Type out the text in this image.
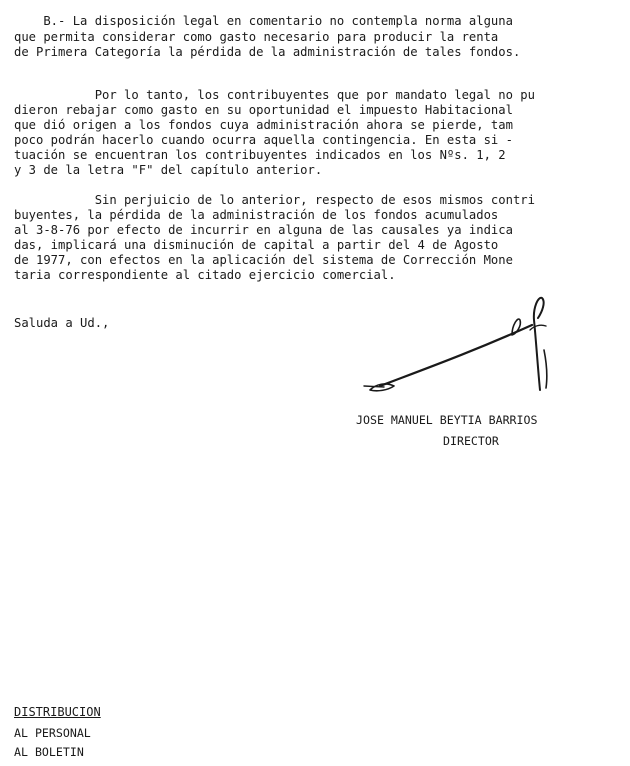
B.- La disposición legal en comentario no contempla norma alguna
que permita considerar como gasto necesario para producir la renta
de Primera Categoría la pérdida de la administración de tales fondos.
Por lo tanto, los contribuyentes que por mandato legal no pu
dieron rebajar como gasto en su oportunidad el impuesto Habitacional
que dió origen a los fondos cuya administración ahora se pierde, tam
poco podrán hacerlo cuando ocurra aquella contingencia. En esta si -
tuación se encuentran los contribuyentes indicados en los Nºs. 1, 2
y 3 de la letra "F" del capítulo anterior.
Sin perjuicio de lo anterior, respecto de esos mismos contri
buyentes, la pérdida de la administración de los fondos acumulados
al 3-8-76 por efecto de incurrir en alguna de las causales ya indica
das, implicará una disminución de capital a partir del 4 de Agosto
de 1977, con efectos en la aplicación del sistema de Corrección Mone
taria correspondiente al citado ejercicio comercial.
Saluda a Ud.,
JOSE MANUEL BEYTIA BARRIOS
DIRECTOR
DISTRIBUCION
AL PERSONAL
AL BOLETIN
